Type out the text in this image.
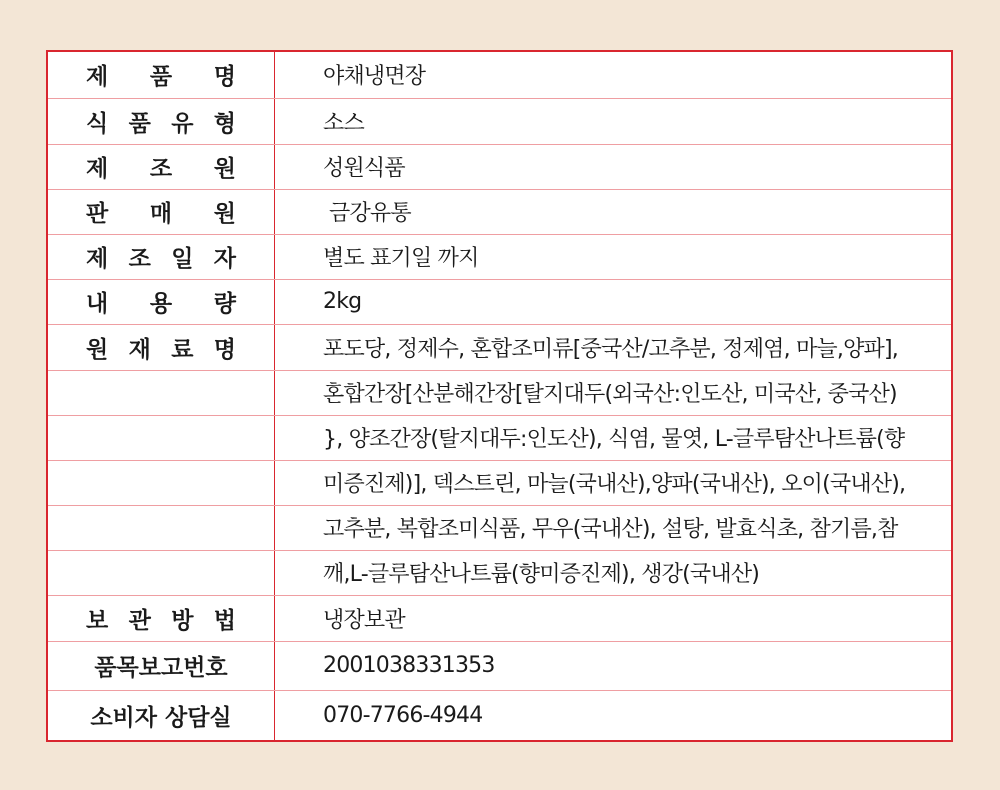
제 품 명	야채냉면장

식 품 유 형	소스

제 조 원	성원식품

판 매 원	금강유통

제 조 일 자	별도 표기일 까지

내 용 량	2kg

원 재 료 명	포도당, 정제수, 혼합조미류[중국산/고추분, 정제염, 마늘,양파],

	혼합간장[산분해간장[탈지대두(외국산:인도산, 미국산, 중국산)

	}, 양조간장(탈지대두:인도산), 식염, 물엿, L-글루탐산나트륨(향

	미증진제)], 덱스트린, 마늘(국내산),양파(국내산), 오이(국내산),

	고추분, 복합조미식품, 무우(국내산), 설탕, 발효식초, 참기름,참

	깨,L-글루탐산나트륨(향미증진제), 생강(국내산)

보 관 방 법	냉장보관

품목보고번호	2001038331353

소비자 상담실	070-7766-4944
